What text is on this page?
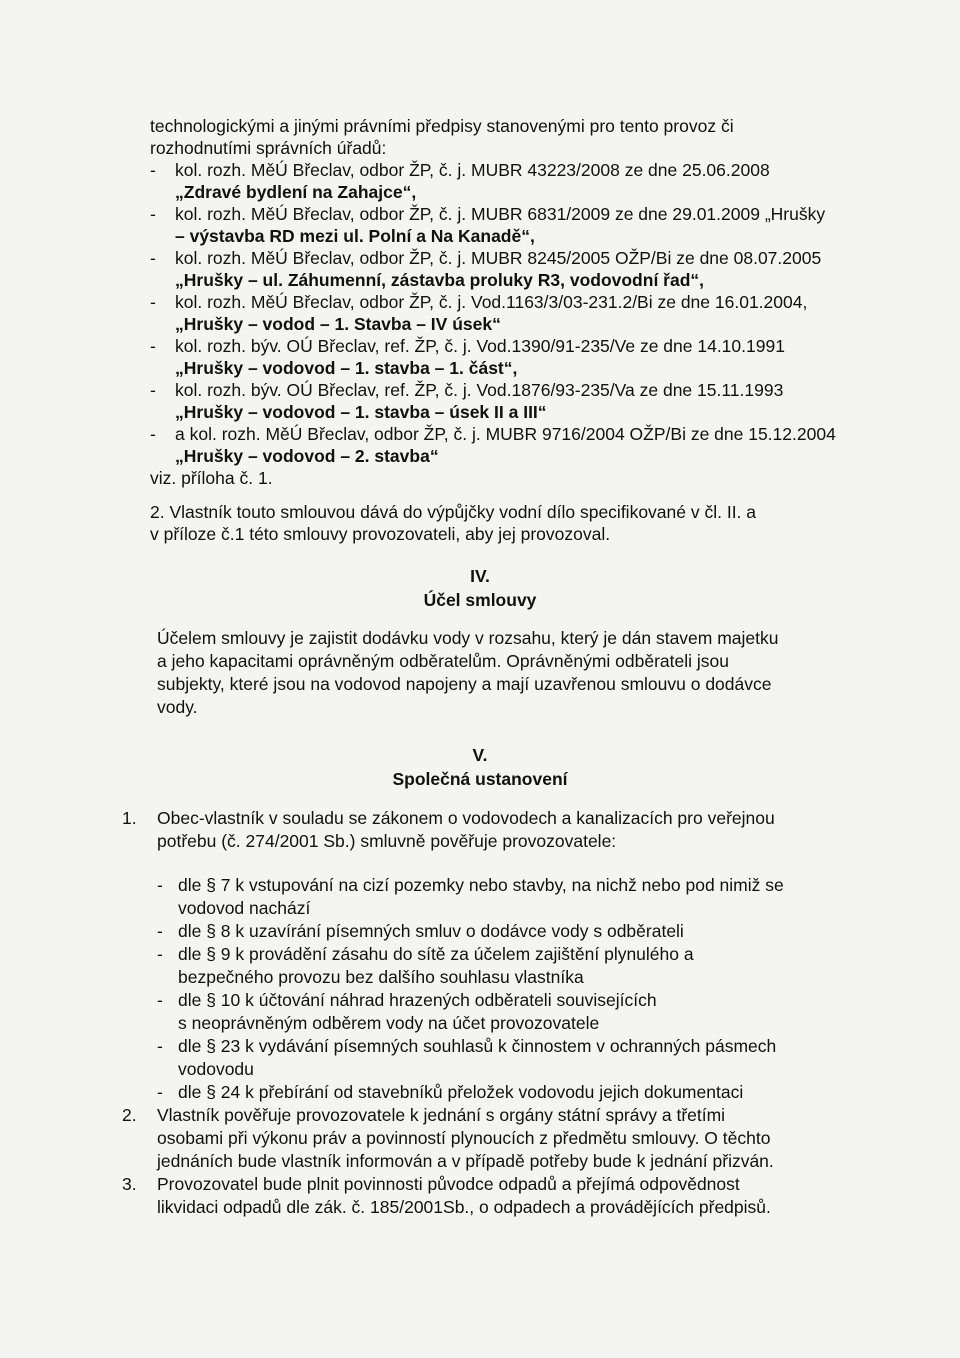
technologickými a jinými právními předpisy stanovenými pro tento provoz či
rozhodnutími správních úřadů:
- kol. rozh. MěÚ Břeclav, odbor ŽP, č. j. MUBR 43223/2008 ze dne 25.06.2008
„Zdravé bydlení na Zahajce“,
- kol. rozh. MěÚ Břeclav, odbor ŽP, č. j. MUBR 6831/2009 ze dne 29.01.2009 „Hrušky
– výstavba RD mezi ul. Polní a Na Kanadě“,
- kol. rozh. MěÚ Břeclav, odbor ŽP, č. j. MUBR 8245/2005 OŽP/Bi ze dne 08.07.2005
„Hrušky – ul. Záhumenní, zástavba proluky R3, vodovodní řad“,
- kol. rozh. MěÚ Břeclav, odbor ŽP, č. j. Vod.1163/3/03-231.2/Bi ze dne 16.01.2004,
„Hrušky – vodod – 1. Stavba – IV úsek“
- kol. rozh. býv. OÚ Břeclav, ref. ŽP, č. j. Vod.1390/91-235/Ve ze dne 14.10.1991
„Hrušky – vodovod – 1. stavba – 1. část“,
- kol. rozh. býv. OÚ Břeclav, ref. ŽP, č. j. Vod.1876/93-235/Va ze dne 15.11.1993
„Hrušky – vodovod – 1. stavba – úsek II a III“
- a kol. rozh. MěÚ Břeclav, odbor ŽP, č. j. MUBR 9716/2004 OŽP/Bi ze dne 15.12.2004
„Hrušky – vodovod – 2. stavba“
viz. příloha č. 1.
2. Vlastník touto smlouvou dává do výpůjčky vodní dílo specifikované v čl. II. a
v příloze č.1 této smlouvy provozovateli, aby jej provozoval.
IV.
Účel smlouvy
Účelem smlouvy je zajistit dodávku vody v rozsahu, který je dán stavem majetku
a jeho kapacitami oprávněným odběratelům. Oprávněnými odběrateli jsou
subjekty, které jsou na vodovod napojeny a mají uzavřenou smlouvu o dodávce
vody.
V.
Společná ustanovení
1. Obec-vlastník v souladu se zákonem o vodovodech a kanalizacích pro veřejnou
potřebu (č. 274/2001 Sb.) smluvně pověřuje provozovatele:
- dle § 7 k vstupování na cizí pozemky nebo stavby, na nichž nebo pod nimiž se
vodovod nachází
- dle § 8 k uzavírání písemných smluv o dodávce vody s odběrateli
- dle § 9 k provádění zásahu do sítě za účelem zajištění plynulého a
bezpečného provozu bez dalšího souhlasu vlastníka
- dle § 10 k účtování náhrad hrazených odběrateli souvisejících
s neoprávněným odběrem vody na účet provozovatele
- dle § 23 k vydávání písemných souhlasů k činnostem v ochranných pásmech
vodovodu
- dle § 24 k přebírání od stavebníků přeložek vodovodu jejich dokumentaci
2. Vlastník pověřuje provozovatele k jednání s orgány státní správy a třetími
osobami při výkonu práv a povinností plynoucích z předmětu smlouvy. O těchto
jednáních bude vlastník informován a v případě potřeby bude k jednání přizván.
3. Provozovatel bude plnit povinnosti původce odpadů a přejímá odpovědnost
likvidaci odpadů dle zák. č. 185/2001Sb., o odpadech a provádějících předpisů.
